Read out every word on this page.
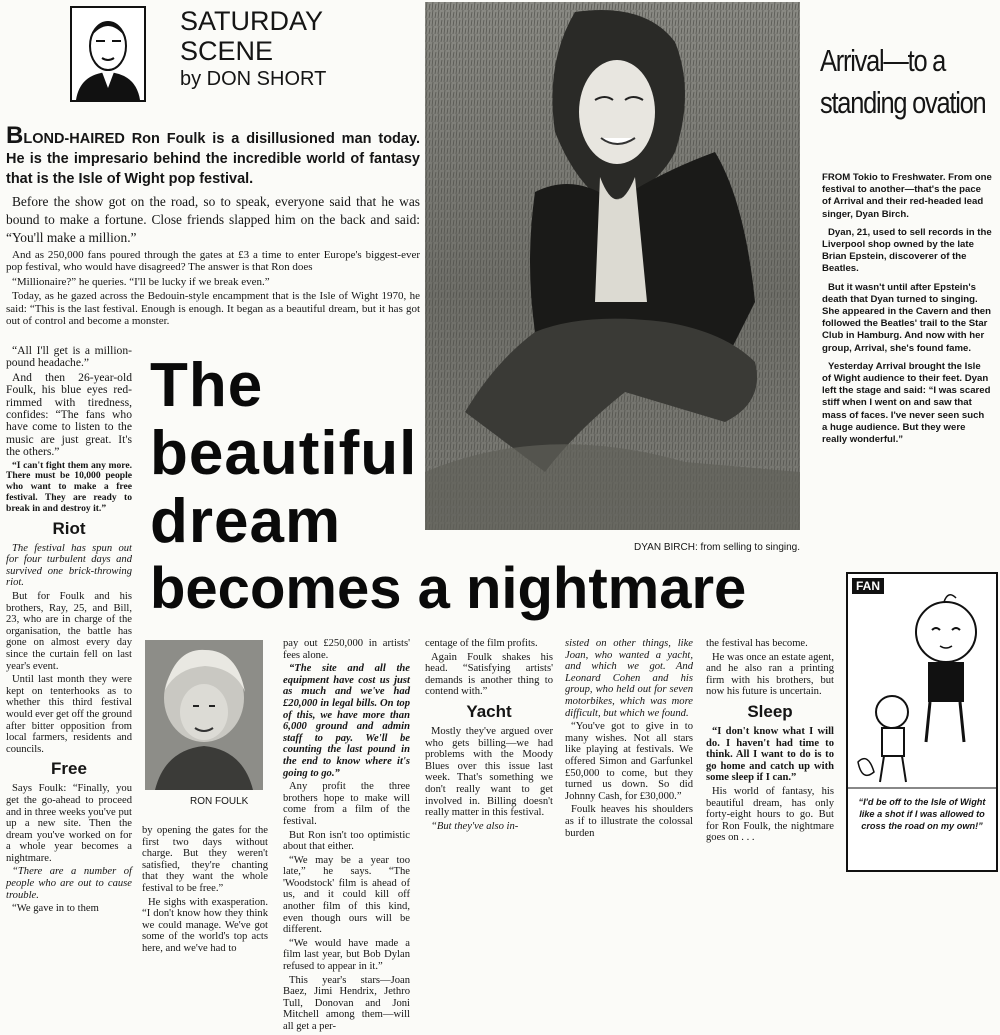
SATURDAY
SCENE
by DON SHORT

BLOND-HAIRED Ron Foulk is a disillusioned man today. He is the impresario behind the incredible world of fantasy that is the Isle of Wight pop festival.

Before the show got on the road, so to speak, everyone said that he was bound to make a fortune. Close friends slapped him on the back and said: “You'll make a million.”

And as 250,000 fans poured through the gates at £3 a time to enter Europe's biggest-ever pop festival, who would have disagreed? The answer is that Ron does

“Millionaire?” he queries. “I'll be lucky if we break even.”

Today, as he gazed across the Bedouin-style encampment that is the Isle of Wight 1970, he said: “This is the last festival. Enough is enough. It began as a beautiful dream, but it has got out of control and become a monster.

“All I'll get is a million-pound headache.”

And then 26-year-old Foulk, his blue eyes red-rimmed with tiredness, confides: “The fans who have come to listen to the music are just great. It's the others.”

“I can't fight them any more. There must be 10,000 people who want to make a free festival. They are ready to break in and destroy it.”

Riot

The festival has spun out for four turbulent days and survived one brick-throwing riot.

But for Foulk and his brothers, Ray, 25, and Bill, 23, who are in charge of the organisation, the battle has gone on almost every day since the curtain fell on last year's event.

Until last month they were kept on tenterhooks as to whether this third festival would ever get off the ground after bitter opposition from local farmers, residents and councils.

Free

Says Foulk: “Finally, you get the go-ahead to proceed and in three weeks you've put up a new site. Then the dream you've worked on for a whole year becomes a nightmare.

“There are a number of people who are out to cause trouble.

“We gave in to them

The
beautiful
dream
becomes a nightmare
DYAN BIRCH: from selling to singing.
Arrival—to a standing ovation

FROM Tokio to Freshwater. From one festival to another—that's the pace of Arrival and their red-headed lead singer, Dyan Birch.

Dyan, 21, used to sell records in the Liverpool shop owned by the late Brian Epstein, discoverer of the Beatles.

But it wasn't until after Epstein's death that Dyan turned to singing. She appeared in the Cavern and then followed the Beatles' trail to the Star Club in Hamburg. And now with her group, Arrival, she's found fame.

Yesterday Arrival brought the Isle of Wight audience to their feet. Dyan left the stage and said: “I was scared stiff when I went on and saw that mass of faces. I've never seen such a huge audience. But they were really wonderful.”

RON FOULK

by opening the gates for the first two days without charge. But they weren't satisfied, they're chanting that they want the whole festival to be free.”

He sighs with exasperation. “I don't know how they think we could manage. We've got some of the world's top acts here, and we've had to

pay out £250,000 in artists' fees alone.

“The site and all the equipment have cost us just as much and we've had £20,000 in legal bills. On top of this, we have more than 6,000 ground and admin staff to pay. We'll be counting the last pound in the end to know where it's going to go.”

Any profit the three brothers hope to make will come from a film of the festival.

But Ron isn't too optimistic about that either.

“We may be a year too late,” he says. “The 'Woodstock' film is ahead of us, and it could kill off another film of this kind, even though ours will be different.

“We would have made a film last year, but Bob Dylan refused to appear in it.”

This year's stars—Joan Baez, Jimi Hendrix, Jethro Tull, Donovan and Joni Mitchell among them—will all get a per-

centage of the film profits.

Again Foulk shakes his head. “Satisfying artists' demands is another thing to contend with.”

Yacht

Mostly they've argued over who gets billing—we had problems with the Moody Blues over this issue last week. That's something we don't really want to get involved in. Billing doesn't really matter in this festival.

“But they've also in-

sisted on other things, like Joan, who wanted a yacht, and which we got. And Leonard Cohen and his group, who held out for seven motorbikes, which was more difficult, but which we found.

“You've got to give in to many wishes. Not all stars like playing at festivals. We offered Simon and Garfunkel £50,000 to come, but they turned us down. So did Johnny Cash, for £30,000.”

Foulk heaves his shoulders as if to illustrate the colossal burden

the festival has become.

He was once an estate agent, and he also ran a printing firm with his brothers, but now his future is uncertain.

Sleep

“I don't know what I will do. I haven't had time to think. All I want to do is to go home and catch up with some sleep if I can.”

His world of fantasy, his beautiful dream, has only forty-eight hours to go. But for Ron Foulk, the nightmare goes on . . .

FAN
“I'd be off to the Isle of Wight like a shot if I was allowed to cross the road on my own!”
